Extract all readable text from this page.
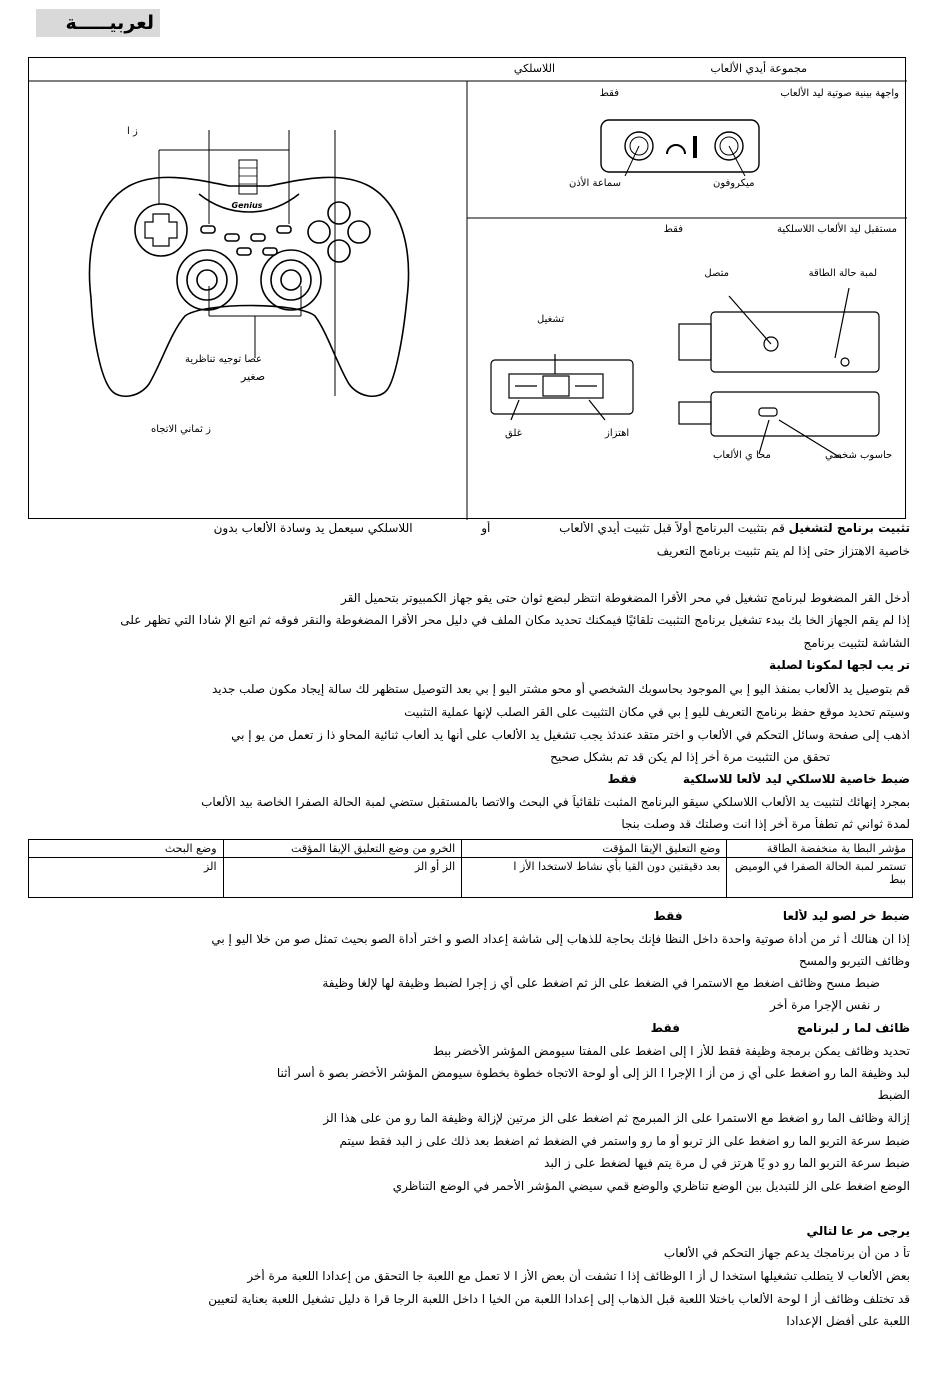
لعربيـــــة
Genius
مجموعة أيدي الألعاب
اللاسلكي
واجهة بينية صوتية ليد الألعاب
فقط
سماعة الأذن	ميكروفون
مستقبل ليد الألعاب اللاسلكية
فقط
لمبة حالة الطاقة
متصل
تشغيل
غلق	اهتزاز
محا ي الألعاب	حاسوب شخصي
ز ا
عصا توجيه تناظرية
صغير
ز ثماني الاتجاه
تثبيت برنامج لتشغيل قم بتثبيت البرنامج أولاً قبل تثبيت أيدي الألعاب                  أو                  اللاسلكي سيعمل يد وسادة الألعاب بدون
خاصية الاهتزاز حتى إذا لم يتم تثبيت برنامج التعريف
أدخل القر المضغوط لبرنامج تشغيل في محر الأقرا المضغوطة انتظر لبضع ثوان حتى يقو جهاز الكمبيوتر بتحميل القر
إذا لم يقم الجهاز الخا بك ببدء تشغيل برنامج التثبيت تلقائيًا فيمكنك تحديد مكان الملف في دليل محر الأقرا المضغوطة والنقر فوقه ثم اتبع الإ شادا التي تظهر على
الشاشة لتثبيت برنامج
تر يب لجها لمكونا لصلبة
قم بتوصيل يد الألعاب بمنفذ اليو إ بي الموجود بحاسوبك الشخصي أو محو مشتر اليو إ بي بعد التوصيل ستظهر لك سالة إيجاد مكون صلب جديد
وسيتم تحديد موقع حفظ برنامج التعريف لليو إ بي في مكان التثبيت على القر الصلب لإنها عملية التثبيت
اذهب إلى صفحة وسائل التحكم في الألعاب و اختر متقد عندئذ يجب تشغيل يد الألعاب على أنها يد ألعاب ثنائية المحاو ذا ز تعمل من يو إ بي
تحقق من التثبيت مرة أخر إذا لم يكن قد تم بشكل صحيح
ضبط خاصية للاسلكي ليد لألعا للاسلكية           فقط
بمجرد إنهائك لتثبيت يد الألعاب اللاسلكي سيقو البرنامج المثبت تلقائياً في البحث والاتصا بالمستقبل ستضي لمبة الحالة الصفرا الخاصة بيد الألعاب
لمدة ثواني ثم تطفأ مرة أخر إذا انت وصلتك قد وصلت بنجا
مؤشر البطا ية منخفضة الطاقة	وضع التعليق الإيقا المؤقت	الخرو من وضع التعليق الإيقا المؤقت	وضع البحث
تستمر لمبة الحالة الصفرا في الوميض ببط	بعد دقيقتين دون القيا بأي نشاط لاستخدا الأز ا	الز أو الز	الز
ضبط خر لصو ليد لألعا                        فقط
إذا ان هنالك أ ثر من أداة صوتية واحدة داخل النظا فإنك بحاجة للذهاب إلى شاشة إعداد الصو و اختر أداة الصو بحيث تمثل صو من خلا اليو إ بي
وظائف التيربو والمسح
ضبط مسح وظائف اضغط مع الاستمرا في الضغط على الز ثم اضغط على أي ز إجرا لضبط وظيفة لها لإلغا وظيفة
ر نفس الإجرا مرة أخر
ظائف لما ر لبرنامج                            فقط
تحديد وظائف يمكن برمجة وظيفة فقط للأز ا إلى اضغط على المفتا سيومض المؤشر الأخضر ببط
لبد وظيفة الما رو اضغط على أي ز من أز ا الإجرا ا الز إلى أو لوحة الاتجاه خطوة بخطوة سيومض المؤشر الأخضر بصو ة أسر أثنا
الضبط
إزالة وظائف الما رو اضغط مع الاستمرا على الز المبرمج ثم اضغط على الز مرتين لإزالة وظيفة الما رو من على هذا الز
ضبط سرعة التربو الما رو اضغط على الز تربو أو ما رو واستمر في الضغط ثم اضغط بعد ذلك على ز البد فقط سيتم
ضبط سرعة التربو الما رو دو يًا هرتز في ل مرة يتم فيها لضغط على ز البد
الوضع اضغط على الز للتبديل بين الوضع تناظري والوضع قمي سيضي المؤشر الأحمر في الوضع التناظري
يرجى مر عا لتالي
تأ د من أن برنامجك يدعم جهاز التحكم في الألعاب
بعض الألعاب لا يتطلب تشغيلها استخدا ل أز ا الوظائف إذا ا تشفت أن بعض الأز ا لا تعمل مع اللعبة جا التحقق من إعدادا اللعبة مرة أخر
قد تختلف وظائف أز ا لوحة الألعاب باختلا اللعبة قبل الذهاب إلى إعدادا اللعبة من الخيا ا داخل اللعبة الرجا قرا ة دليل تشغيل اللعبة بعناية لتعيين
اللعبة على أفضل الإعدادا
